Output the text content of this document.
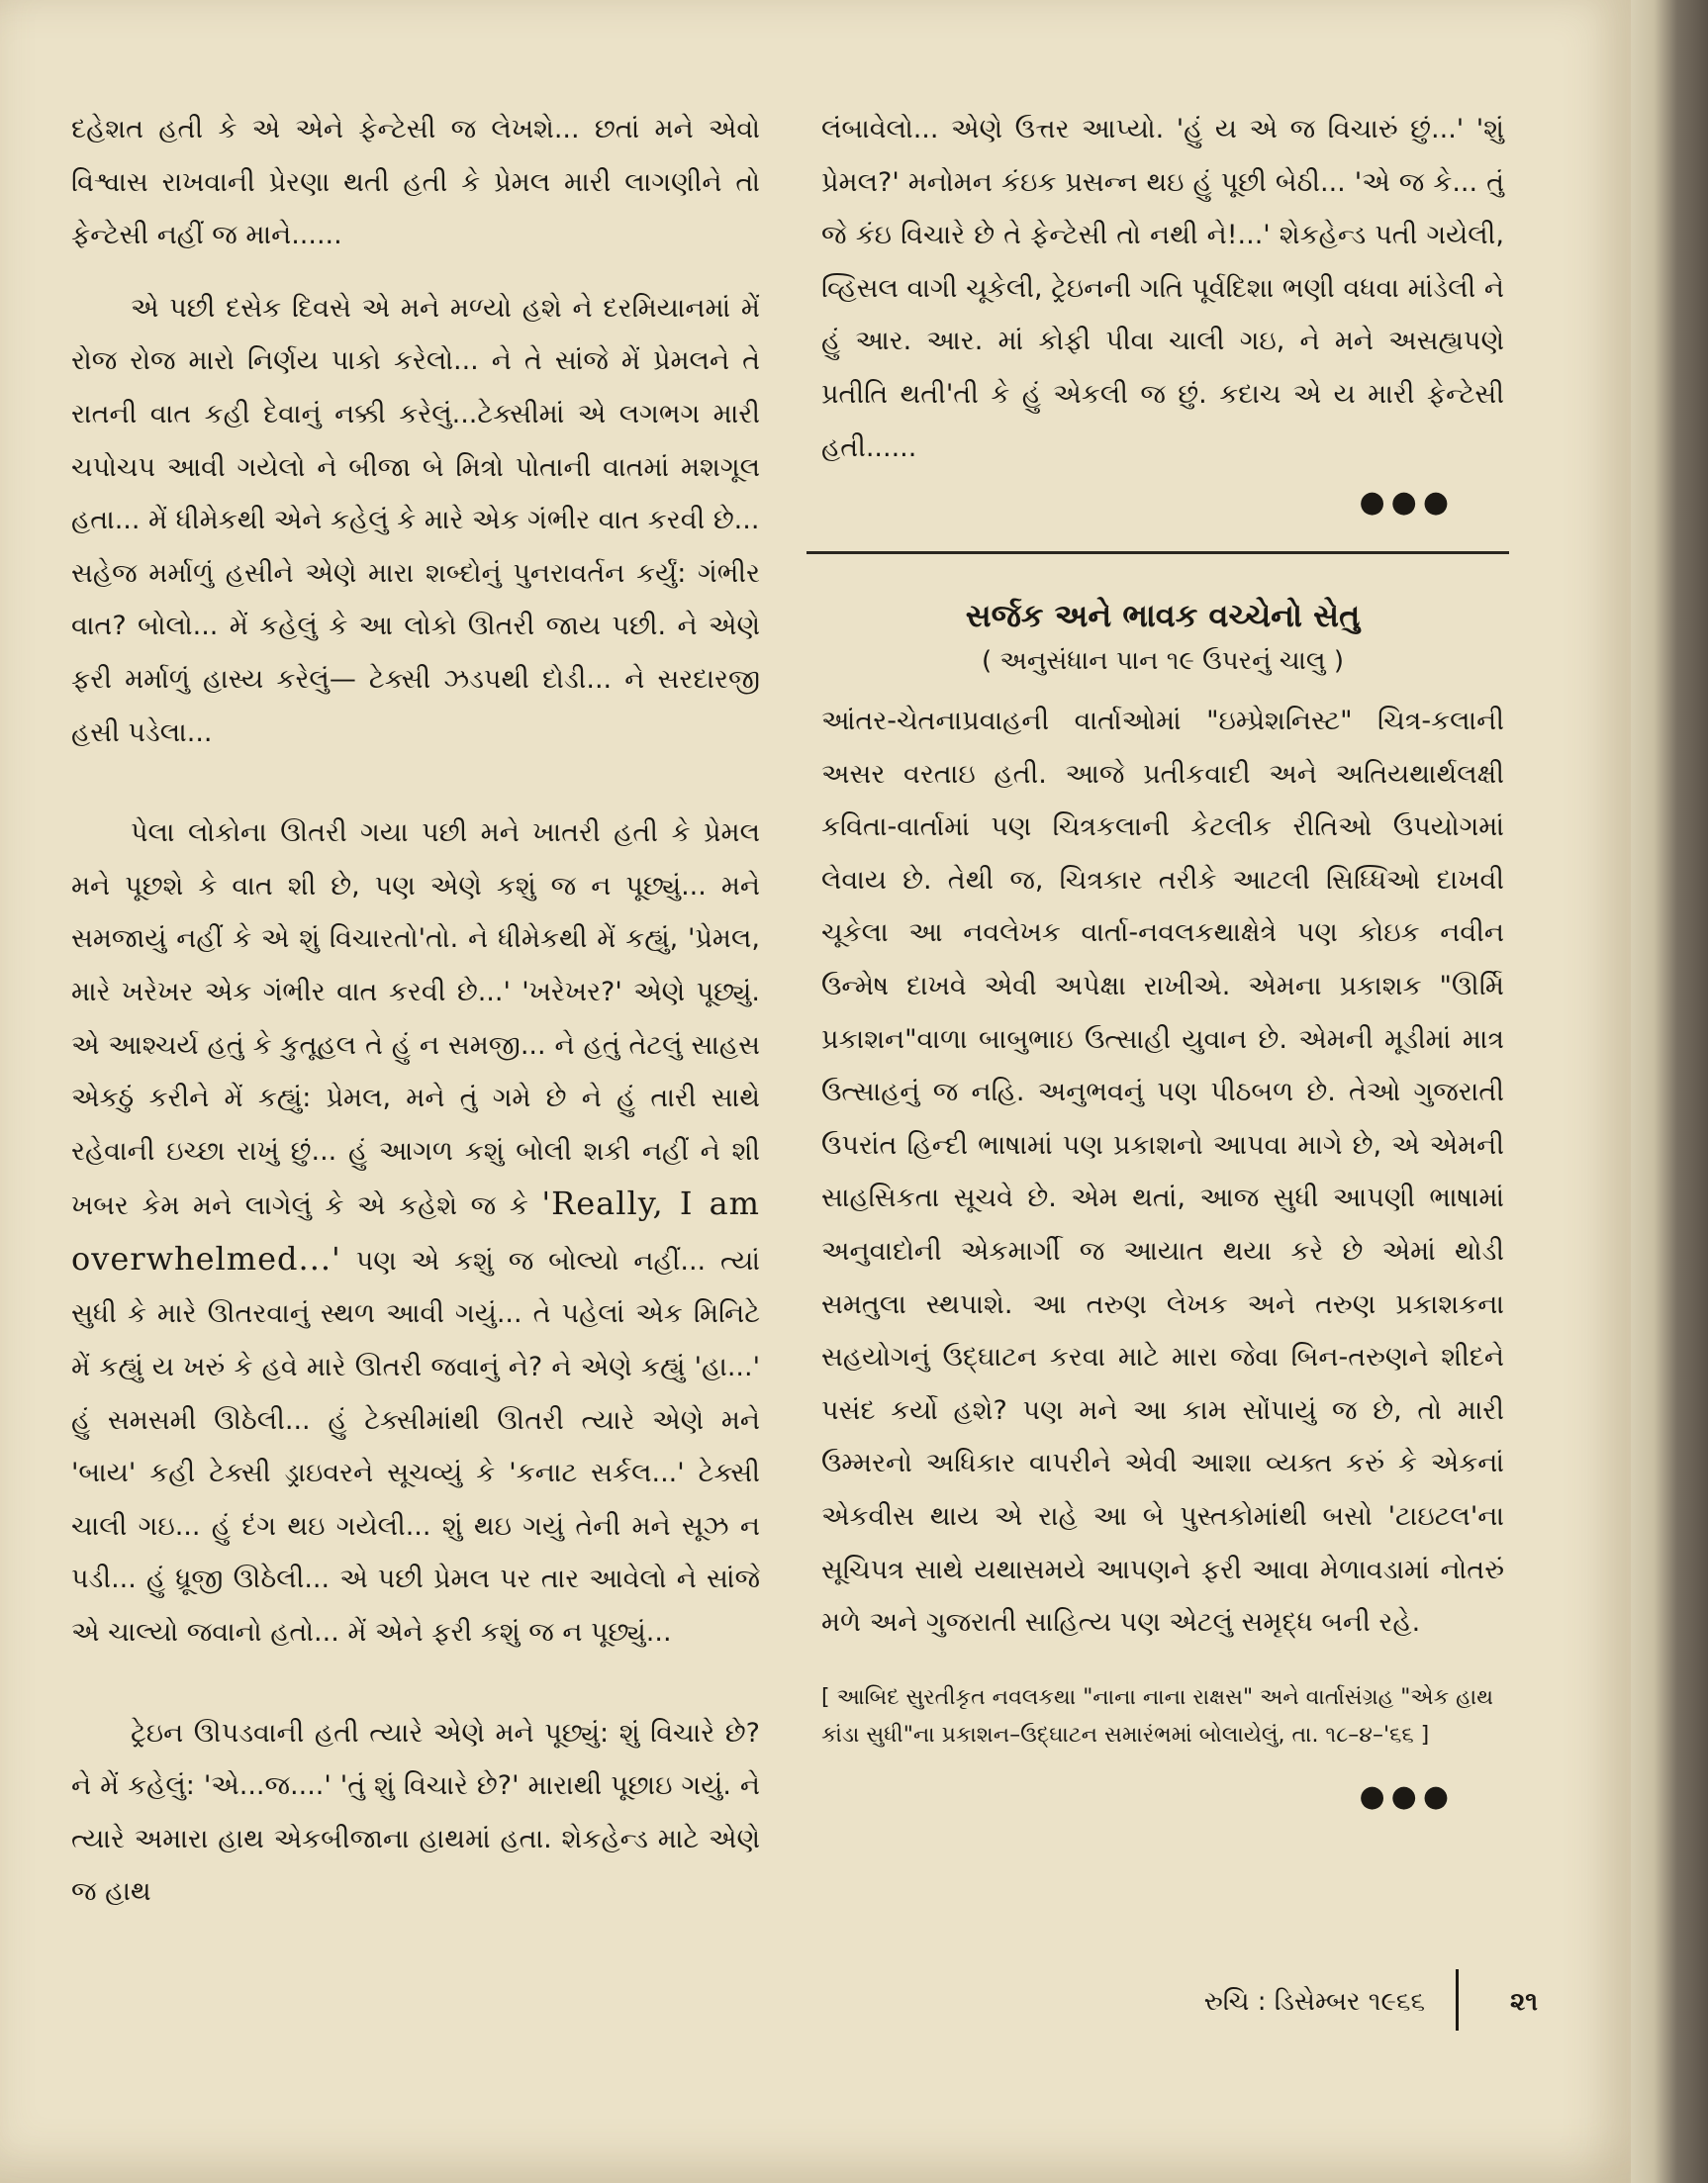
દહેશત હતી કે એ એને ફેન્ટેસી જ લેખશે... છતાં મને એવો વિશ્વાસ રાખવાની પ્રેરણા થતી હતી કે પ્રેમલ મારી લાગણીને તો ફેન્ટેસી નહીં જ માને......

એ પછી દસેક દિવસે એ મને મળ્યો હશે ને દરમિયાનમાં મેં રોજ રોજ મારો નિર્ણય પાકો કરેલો... ને તે સાંજે મેં પ્રેમલને તે રાતની વાત કહી દેવાનું નક્કી કરેલું...ટેક્સીમાં એ લગભગ મારી ચપોચપ આવી ગયેલો ને બીજા બે મિત્રો પોતાની વાતમાં મશગૂલ હતા... મેં ધીમેકથી એને કહેલું કે મારે એક ગંભીર વાત કરવી છે...

સહેજ મર્માળું હસીને એણે મારા શબ્દોનું પુનરાવર્તન કર્યું: ગંભીર વાત? બોલો... મેં કહેલું કે આ લોકો ઊતરી જાય પછી. ને એણે ફરી મર્માળું હાસ્ય કરેલું— ટેક્સી ઝડપથી દોડી... ને સરદારજી હસી પડેલા...

પેલા લોકોના ઊતરી ગયા પછી મને ખાતરી હતી કે પ્રેમલ મને પૂછશે કે વાત શી છે, પણ એણે કશું જ ન પૂછ્યું... મને સમજાયું નહીં કે એ શું વિચારતો'તો. ને ધીમેકથી મેં કહ્યું, 'પ્રેમલ, મારે ખરેખર એક ગંભીર વાત કરવી છે...' 'ખરેખર?' એણે પૂછ્યું. એ આશ્ચર્ય હતું કે કુતૂહલ તે હું ન સમજી... ને હતું તેટલું સાહસ એકઠું કરીને મેં કહ્યું: પ્રેમલ, મને તું ગમે છે ને હું તારી સાથે રહેવાની ઇચ્છા રાખું છું... હું આગળ કશું બોલી શકી નહીં ને શી ખબર કેમ મને લાગેલું કે એ કહેશે જ કે 'Really, I am overwhelmed...' પણ એ કશું જ બોલ્યો નહીં... ત્યાં સુધી કે મારે ઊતરવાનું સ્થળ આવી ગયું... તે પહેલાં એક મિનિટે મેં કહ્યું ય ખરું કે હવે મારે ઊતરી જવાનું ને? ને એણે કહ્યું 'હા...' હું સમસમી ઊઠેલી... હું ટેક્સીમાંથી ઊતરી ત્યારે એણે મને 'બાય' કહી ટેક્સી ડ્રાઇવરને સૂચવ્યું કે 'કનાટ સર્કલ...' ટેક્સી ચાલી ગઇ... હું દંગ થઇ ગયેલી... શું થઇ ગયું તેની મને સૂઝ ન પડી... હું ધ્રૂજી ઊઠેલી... એ પછી પ્રેમલ પર તાર આવેલો ને સાંજે એ ચાલ્યો જવાનો હતો... મેં એને ફરી કશું જ ન પૂછ્યું...

ટ્રેઇન ઊપડવાની હતી ત્યારે એણે મને પૂછ્યું: શું વિચારે છે? ને મેં કહેલું: 'એ...જ....' 'તું શું વિચારે છે?' મારાથી પૂછાઇ ગયું. ને ત્યારે અમારા હાથ એકબીજાના હાથમાં હતા. શેકહેન્ડ માટે એણે જ હાથ

લંબાવેલો... એણે ઉત્તર આપ્યો. 'હું ય એ જ વિચારું છું...' 'શું પ્રેમલ?' મનોમન કંઇક પ્રસન્ન થઇ હું પૂછી બેઠી... 'એ જ કે... તું જે કંઇ વિચારે છે તે ફેન્ટેસી તો નથી ને!...' શેકહેન્ડ પતી ગયેલી, વ્હિસલ વાગી ચૂકેલી, ટ્રેઇનની ગતિ પૂર્વદિશા ભણી વધવા માંડેલી ને હું આર. આર. માં કોફી પીવા ચાલી ગઇ, ને મને અસહ્યપણે પ્રતીતિ થતી'તી કે હું એકલી જ છું. કદાચ એ ય મારી ફેન્ટેસી હતી......

●●●
સર્જક અને ભાવક વચ્ચેનો સેતુ
( અનુસંધાન પાન ૧૯ ઉપરનું ચાલુ )

આંતર-ચેતનાપ્રવાહની વાર્તાઓમાં "ઇમ્પ્રેશનિસ્ટ" ચિત્ર-કલાની અસર વરતાઇ હતી. આજે પ્રતીકવાદી અને અતિયથાર્થલક્ષી કવિતા-વાર્તામાં પણ ચિત્રકલાની કેટલીક રીતિઓ ઉપયોગમાં લેવાય છે. તેથી જ, ચિત્રકાર તરીકે આટલી સિધ્ધિઓ દાખવી ચૂકેલા આ નવલેખક વાર્તા-નવલકથાક્ષેત્રે પણ કોઇક નવીન ઉન્મેષ દાખવે એવી અપેક્ષા રાખીએ. એમના પ્રકાશક "ઊર્મિ પ્રકાશન"વાળા બાબુભાઇ ઉત્સાહી યુવાન છે. એમની મૂડીમાં માત્ર ઉત્સાહનું જ નહિ. અનુભવનું પણ પીઠબળ છે. તેઓ ગુજરાતી ઉપરાંત હિન્દી ભાષામાં પણ પ્રકાશનો આપવા માગે છે, એ એમની સાહસિકતા સૂચવે છે. એમ થતાં, આજ સુધી આપણી ભાષામાં અનુવાદોની એકમાર્ગી જ આયાત થયા કરે છે એમાં થોડી સમતુલા સ્થપાશે. આ તરુણ લેખક અને તરુણ પ્રકાશકના સહયોગનું ઉદ્ઘાટન કરવા માટે મારા જેવા બિન-તરુણને શીદને પસંદ કર્યો હશે? પણ મને આ કામ સોંપાયું જ છે, તો મારી ઉમ્મરનો અધિકાર વાપરીને એવી આશા વ્યક્ત કરું કે એકનાં એકવીસ થાય એ રાહે આ બે પુસ્તકોમાંથી બસો 'ટાઇટલ'ના સૂચિપત્ર સાથે યથાસમયે આપણને ફરી આવા મેળાવડામાં નોતરું મળે અને ગુજરાતી સાહિત્ય પણ એટલું સમૃદ્ધ બની રહે.

[ આબિદ સુરતીકૃત નવલકથા "નાના નાના રાક્ષસ" અને વાર્તાસંગ્રહ "એક હાથ કાંડા સુધી"ના પ્રકાશન–ઉદ્ઘાટન સમારંભમાં બોલાયેલું, તા. ૧૮–૪–'૬૬ ]

●●●
રુચિ : ડિસેમ્બર ૧૯૬૬	૨૧
